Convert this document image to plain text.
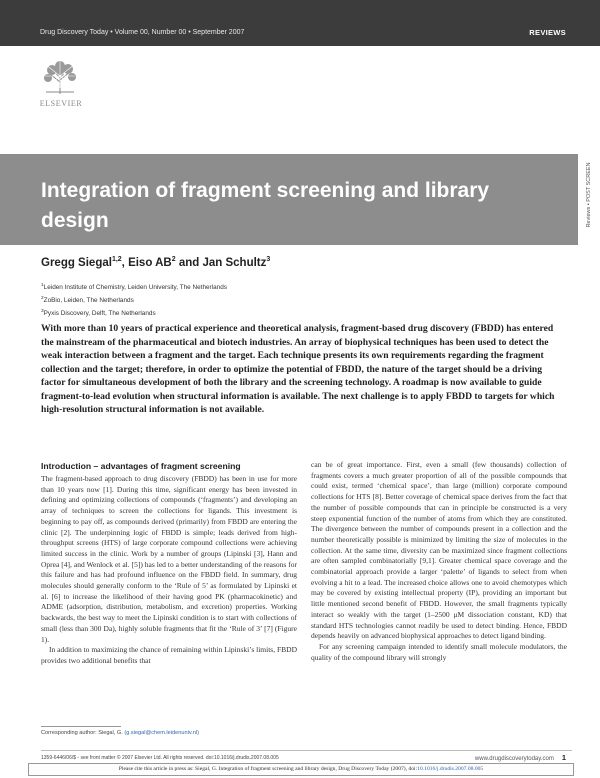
Drug Discovery Today • Volume 00, Number 00 • September 2007	REVIEWS
ELSEVIER
Integration of fragment screening and library design	Reviews • POST SCREEN
Gregg Siegal$^{1,2}$, Eiso $AB^2$ and Jan Schultz$^3$
$^1$Leiden Institute of Chemistry, Leiden University, The Netherlands
$^2$ZoBio, Leiden, The Netherlands
$^3$Pyxis Discovery, Delft, The Netherlands
With more than 10 years of practical experience and theoretical analysis, fragment-based drug discovery (FBDD) has entered the mainstream of the pharmaceutical and biotech industries. An array of biophysical techniques has been used to detect the weak interaction between a fragment and the target. Each technique presents its own requirements regarding the fragment collection and the target; therefore, in order to optimize the potential of FBDD, the nature of the target should be a driving factor for simultaneous development of both the library and the screening technology. A roadmap is now available to guide fragment-to-lead evolution when structural information is available. The next challenge is to apply FBDD to targets for which high-resolution structural information is not available.
Introduction – advantages of fragment screening

The fragment-based approach to drug discovery (FBDD) has been in use for more than 10 years now [1]. During this time, significant energy has been invested in defining and optimizing collections of compounds (‘fragments’) and developing an array of techniques to screen the collections for ligands. This investment is beginning to pay off, as compounds derived (primarily) from FBDD are entering the clinic [2]. The underpinning logic of FBDD is simple; leads derived from high-throughput screens (HTS) of large corporate compound collections were achieving limited success in the clinic. Work by a number of groups (Lipinski [3], Hann and Oprea [4], and Wenlock et al. [5]) has led to a better understanding of the reasons for this failure and has had profound influence on the FBDD field. In summary, drug molecules should generally conform to the ‘Rule of 5’ as formulated by Lipinski et al. [6] to increase the likelihood of their having good PK (pharmacokinetic) and ADME (adsorption, distribution, metabolism, and excretion) properties. Working backwards, the best way to meet the Lipinski condition is to start with collections of small (less than 300 Da), highly soluble fragments that fit the ‘Rule of 3’ [7] (Figure 1).

In addition to maximizing the chance of remaining within Lipinski’s limits, FBDD provides two additional benefits that

can be of great importance. First, even a small (few thousands) collection of fragments covers a much greater proportion of all of the possible compounds that could exist, termed ‘chemical space’, than large (million) corporate compound collections for HTS [8]. Better coverage of chemical space derives from the fact that the number of possible compounds that can in principle be constructed is a very steep exponential function of the number of atoms from which they are constituted. The divergence between the number of compounds present in a collection and the number theoretically possible is minimized by limiting the size of molecules in the collection. At the same time, diversity can be maximized since fragment collections are often sampled combinatorially [9,1]. Greater chemical space coverage and the combinatorial approach provide a larger ‘palette’ of ligands to select from when evolving a hit to a lead. The increased choice allows one to avoid chemotypes which may be covered by existing intellectual property (IP), providing an important but little mentioned second benefit of FBDD. However, the small fragments typically interact so weakly with the target (1–2500 μM dissociation constant, KD) that standard HTS technologies cannot readily be used to detect binding. Hence, FBDD depends heavily on advanced biophysical approaches to detect ligand binding.

For any screening campaign intended to identify small molecule modulators, the quality of the compound library will strongly

Corresponding author: Siegal, G. (g.siegal@chem.leidenuniv.nl)
1359-6446/06/$ - see front matter © 2007 Elsevier Ltd. All rights reserved. doi:10.1016/j.drudis.2007.08.005	www.drugdiscoverytoday.com 1
Please cite this article in press as: Siegal, G. Integration of fragment screening and library design, Drug Discovery Today (2007), doi:10.1016/j.drudis.2007.08.005
